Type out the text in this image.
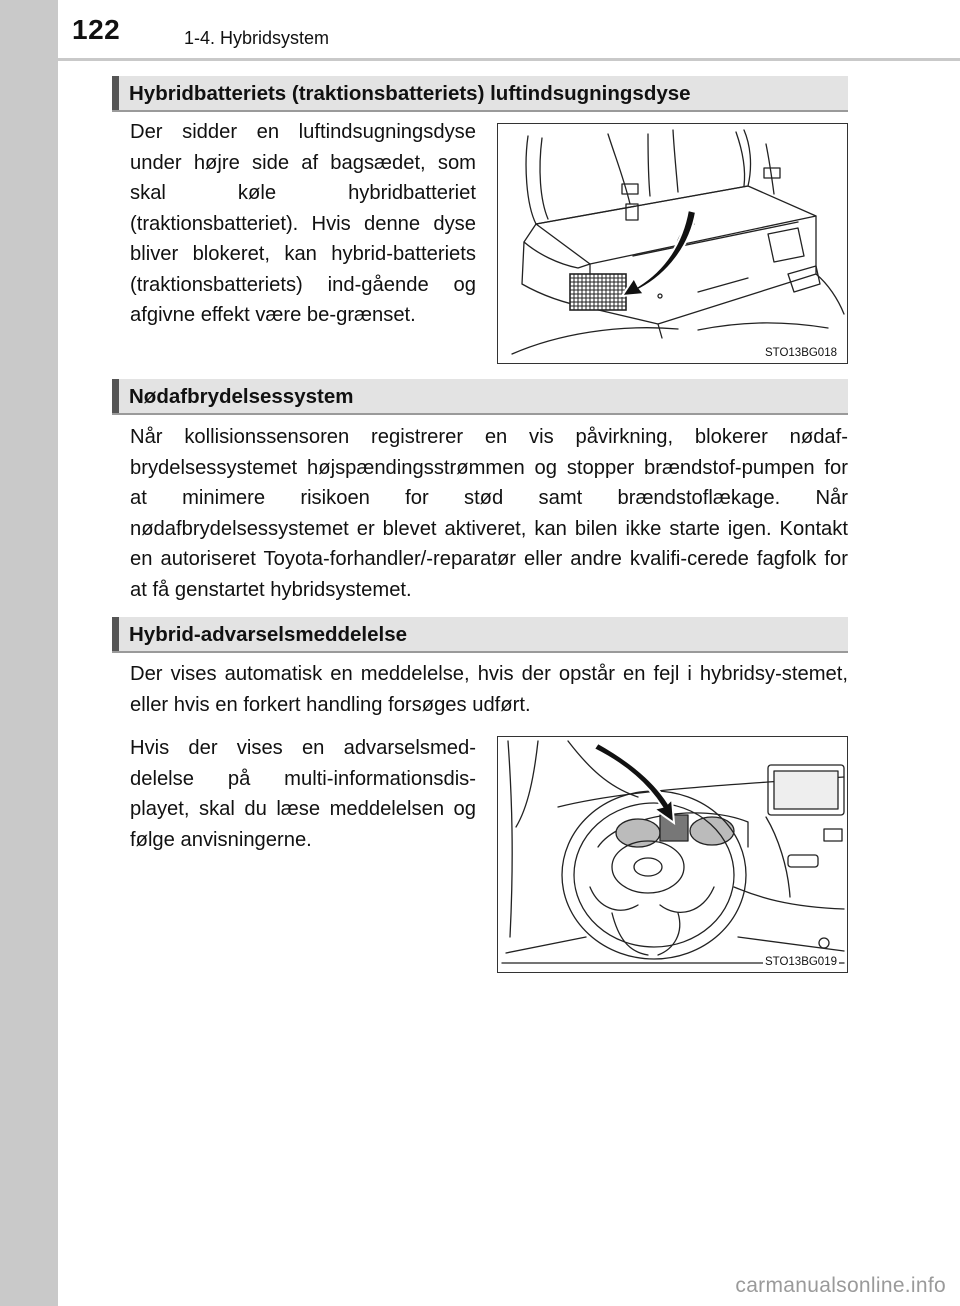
122	1-4. Hybridsystem
Hybridbatteriets (traktionsbatteriets) luftindsugningsdyse

Der sidder en luftindsugningsdyse under højre side af bagsædet, som skal køle hybridbatteriet (traktionsbatteriet). Hvis denne dyse bliver blokeret, kan hybrid-batteriets (traktionsbatteriets) ind-gående og afgivne effekt være be-grænset.

STO13BG018
Nødafbrydelsessystem

Når kollisionssensoren registrerer en vis påvirkning, blokerer nødaf-brydelsessystemet højspændingsstrømmen og stopper brændstof-pumpen for at minimere risikoen for stød samt brændstoflækage. Når nødafbrydelsessystemet er blevet aktiveret, kan bilen ikke starte igen. Kontakt en autoriseret Toyota-forhandler/-reparatør eller andre kvalifi-cerede fagfolk for at få genstartet hybridsystemet.

Hybrid-advarselsmeddelelse

Der vises automatisk en meddelelse, hvis der opstår en fejl i hybridsy-stemet, eller hvis en forkert handling forsøges udført.

Hvis der vises en advarselsmed-delelse på multi-informationsdis-playet, skal du læse meddelelsen og følge anvisningerne.

STO13BG019
carmanualsonline.info
